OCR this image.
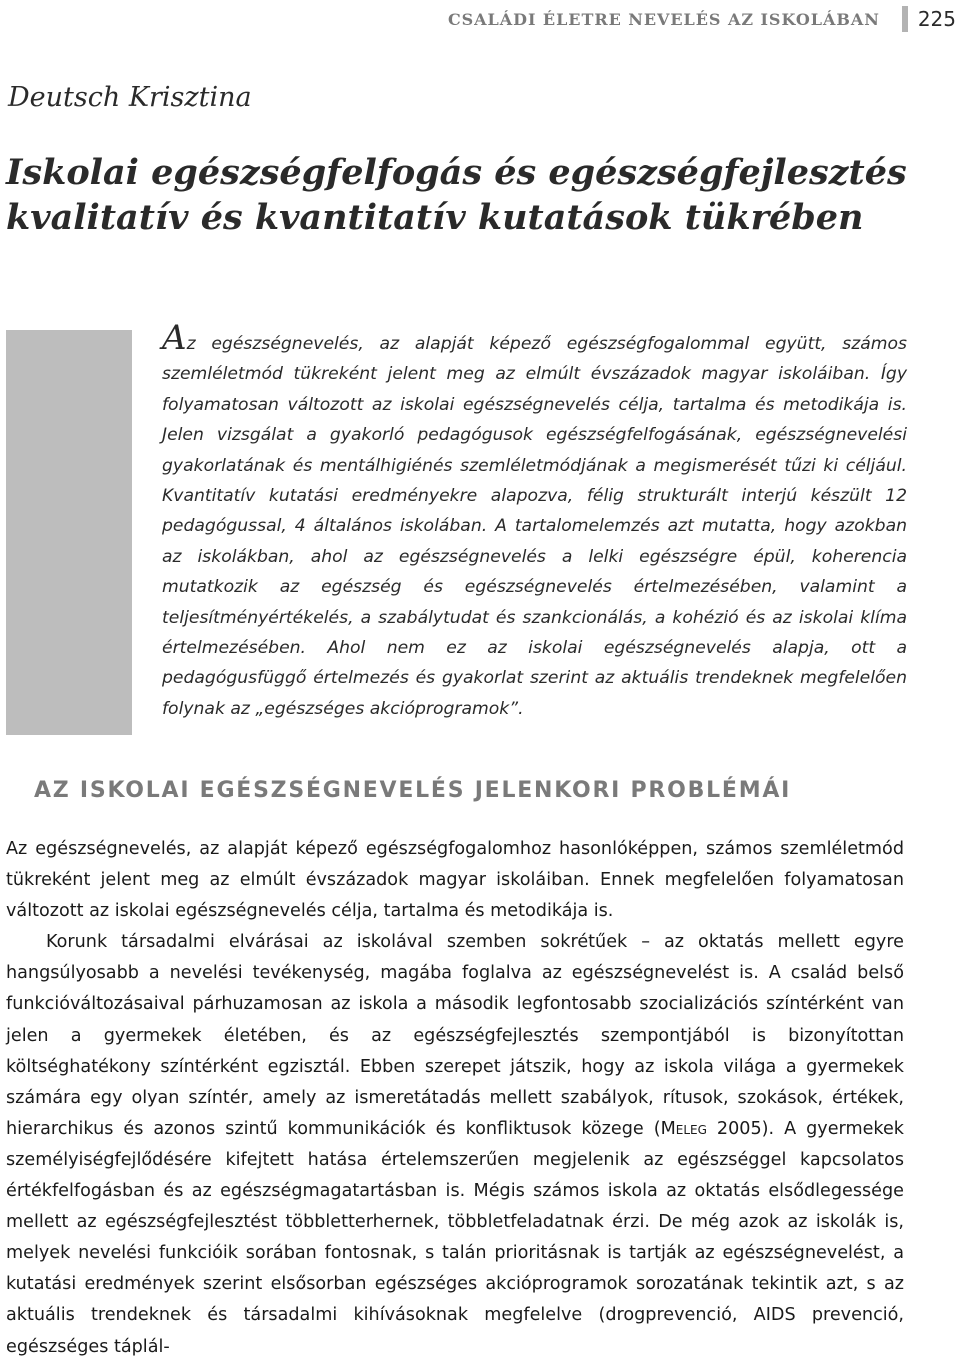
CSALÁDI ÉLETRE NEVELÉS AZ ISKOLÁBAN 225
Deutsch Krisztina
Iskolai egészségfelfogás és egészségfejlesztés
kvalitatív és kvantitatív kutatások tükrében

Az egészségnevelés, az alapját képező egészségfogalommal együtt, számos szemléletmód tükreként jelent meg az elmúlt évszázadok magyar iskoláiban. Így folyamatosan változott az iskolai egészségnevelés célja, tartalma és metodikája is. Jelen vizsgálat a gyakorló pedagógusok egészségfelfogásának, egészségnevelési gyakorlatának és mentálhigiénés szemléletmódjának a megismerését tűzi ki céljául. Kvantitatív kutatási eredményekre alapozva, félig strukturált interjú készült 12 pedagógussal, 4 általános iskolában. A tartalomelemzés azt mutatta, hogy azokban az iskolákban, ahol az egészségnevelés a lelki egészségre épül, koherencia mutatkozik az egészség és egészségnevelés értelmezésében, valamint a teljesítményértékelés, a szabálytudat és szankcionálás, a kohézió és az iskolai klíma értelmezésében. Ahol nem ez az iskolai egészségnevelés alapja, ott a pedagógusfüggő értelmezés és gyakorlat szerint az aktuális trendeknek megfelelően folynak az „egészséges akcióprogramok”.

AZ ISKOLAI EGÉSZSÉGNEVELÉS JELENKORI PROBLÉMÁI

Az egészségnevelés, az alapját képező egészségfogalomhoz hasonlóképpen, számos szemléletmód tükreként jelent meg az elmúlt évszázadok magyar iskoláiban. Ennek megfelelően folyamatosan változott az iskolai egészségnevelés célja, tartalma és metodikája is.

Korunk társadalmi elvárásai az iskolával szemben sokrétűek – az oktatás mellett egyre hangsúlyosabb a nevelési tevékenység, magába foglalva az egészségnevelést is. A család belső funkcióváltozásaival párhuzamosan az iskola a második legfontosabb szocializációs színtérként van jelen a gyermekek életében, és az egészségfejlesztés szempontjából is bizonyítottan költséghatékony színtérként egzisztál. Ebben szerepet játszik, hogy az iskola világa a gyermekek számára egy olyan színtér, amely az ismeretátadás mellett szabályok, rítusok, szokások, értékek, hierarchikus és azonos szintű kommunikációk és konfliktusok közege (Meleg 2005). A gyermekek személyiségfejlődésére kifejtett hatása értelemszerűen megjelenik az egészséggel kapcsolatos értékfelfogásban és az egészségmagatartásban is. Mégis számos iskola az oktatás elsődlegessége mellett az egészségfejlesztést többletterhernek, többletfeladatnak érzi. De még azok az iskolák is, melyek nevelési funkcióik sorában fontosnak, s talán prioritásnak is tartják az egészségnevelést, a kutatási eredmények szerint elsősorban egészséges akcióprogramok sorozatának tekintik azt, s az aktuális trendeknek és társadalmi kihívásoknak megfelelve (drogprevenció, AIDS prevenció, egészséges táplál-
